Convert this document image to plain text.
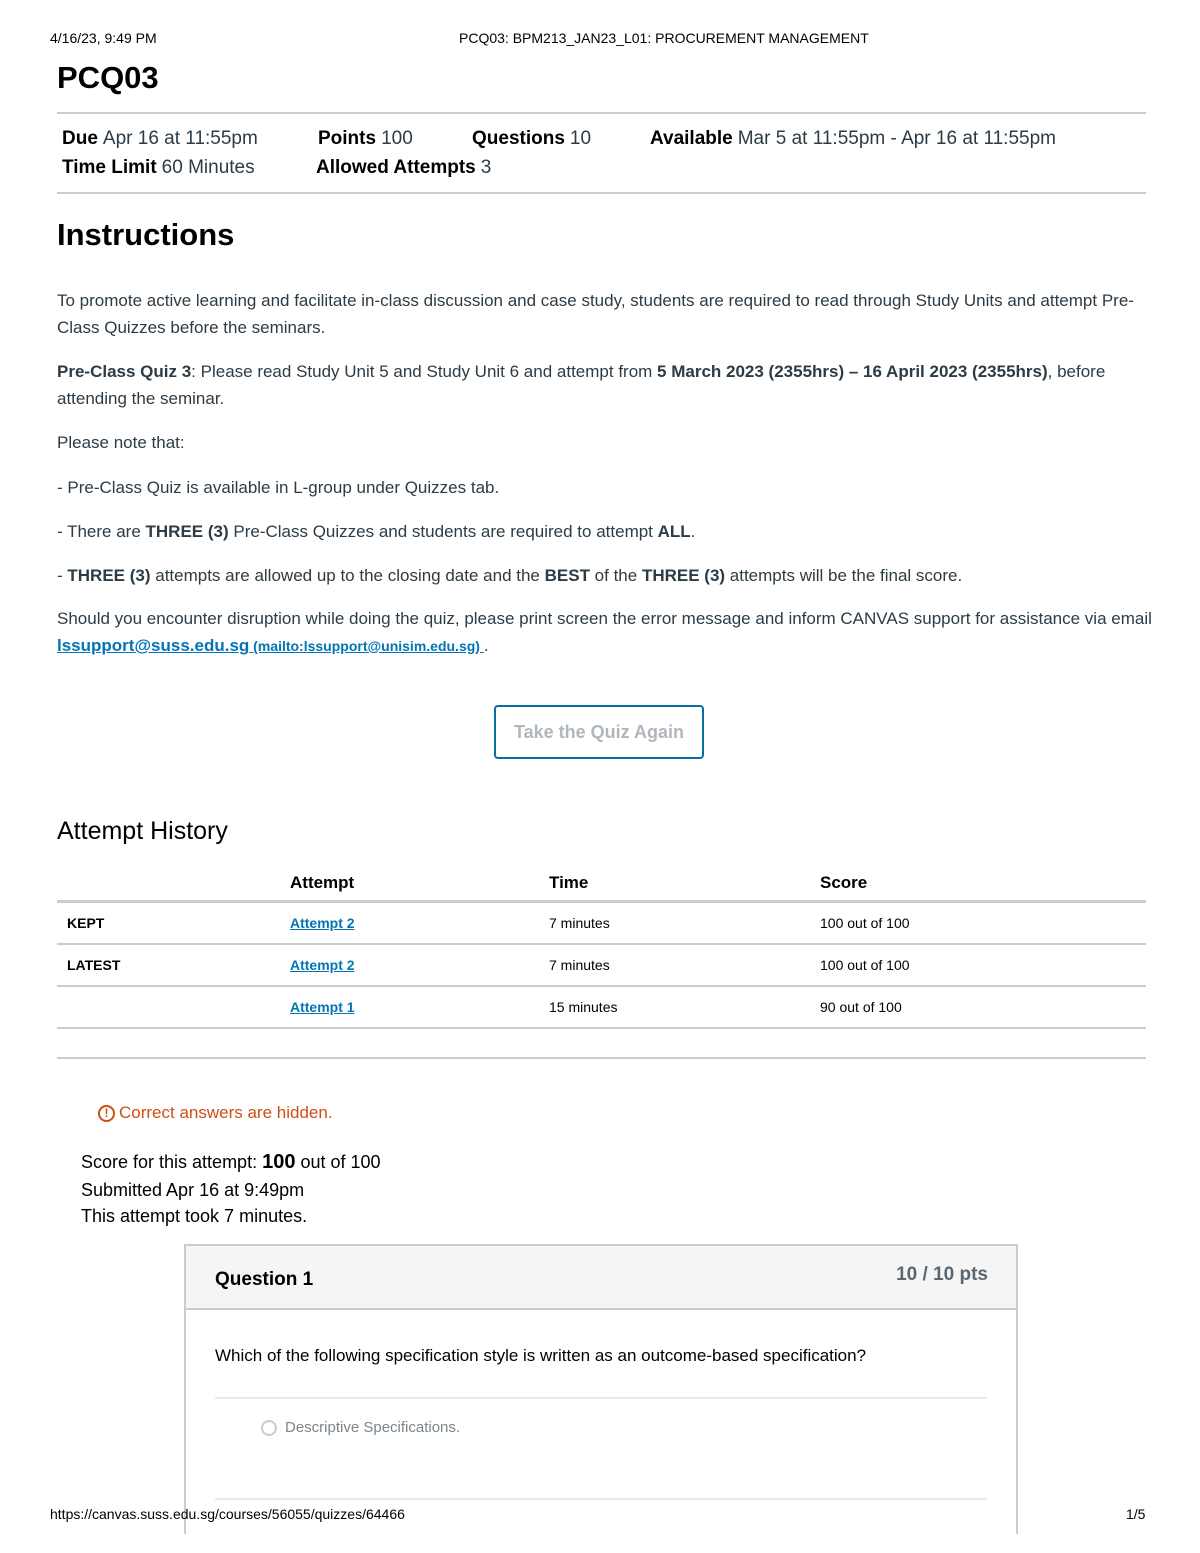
4/16/23, 9:49 PM	PCQ03: BPM213_JAN23_L01: PROCUREMENT MANAGEMENT
PCQ03
Due Apr 16 at 11:55pm	Points 100	Questions 10	Available Mar 5 at 11:55pm - Apr 16 at 11:55pm
Time Limit 60 Minutes	Allowed Attempts 3
Instructions
To promote active learning and facilitate in-class discussion and case study, students are required to read through Study Units and attempt Pre-Class Quizzes before the seminars.
Pre-Class Quiz 3: Please read Study Unit 5 and Study Unit 6 and attempt from 5 March 2023 (2355hrs) – 16 April 2023 (2355hrs), before attending the seminar.
Please note that:
- Pre-Class Quiz is available in L-group under Quizzes tab.
- There are THREE (3) Pre-Class Quizzes and students are required to attempt ALL.
- THREE (3) attempts are allowed up to the closing date and the BEST of the THREE (3) attempts will be the final score.
Should you encounter disruption while doing the quiz, please print screen the error message and inform CANVAS support for assistance via email lssupport@suss.edu.sg (mailto:lssupport@unisim.edu.sg) .
Take the Quiz Again
Attempt History
	Attempt	Time	Score
KEPT	Attempt 2	7 minutes	100 out of 100
LATEST	Attempt 2	7 minutes	100 out of 100
	Attempt 1	15 minutes	90 out of 100
! Correct answers are hidden.
Score for this attempt: 100 out of 100
Submitted Apr 16 at 9:49pm
This attempt took 7 minutes.
Question 1	10 / 10 pts
Which of the following specification style is written as an outcome-based specification?
Descriptive Specifications.
https://canvas.suss.edu.sg/courses/56055/quizzes/64466	1/5
